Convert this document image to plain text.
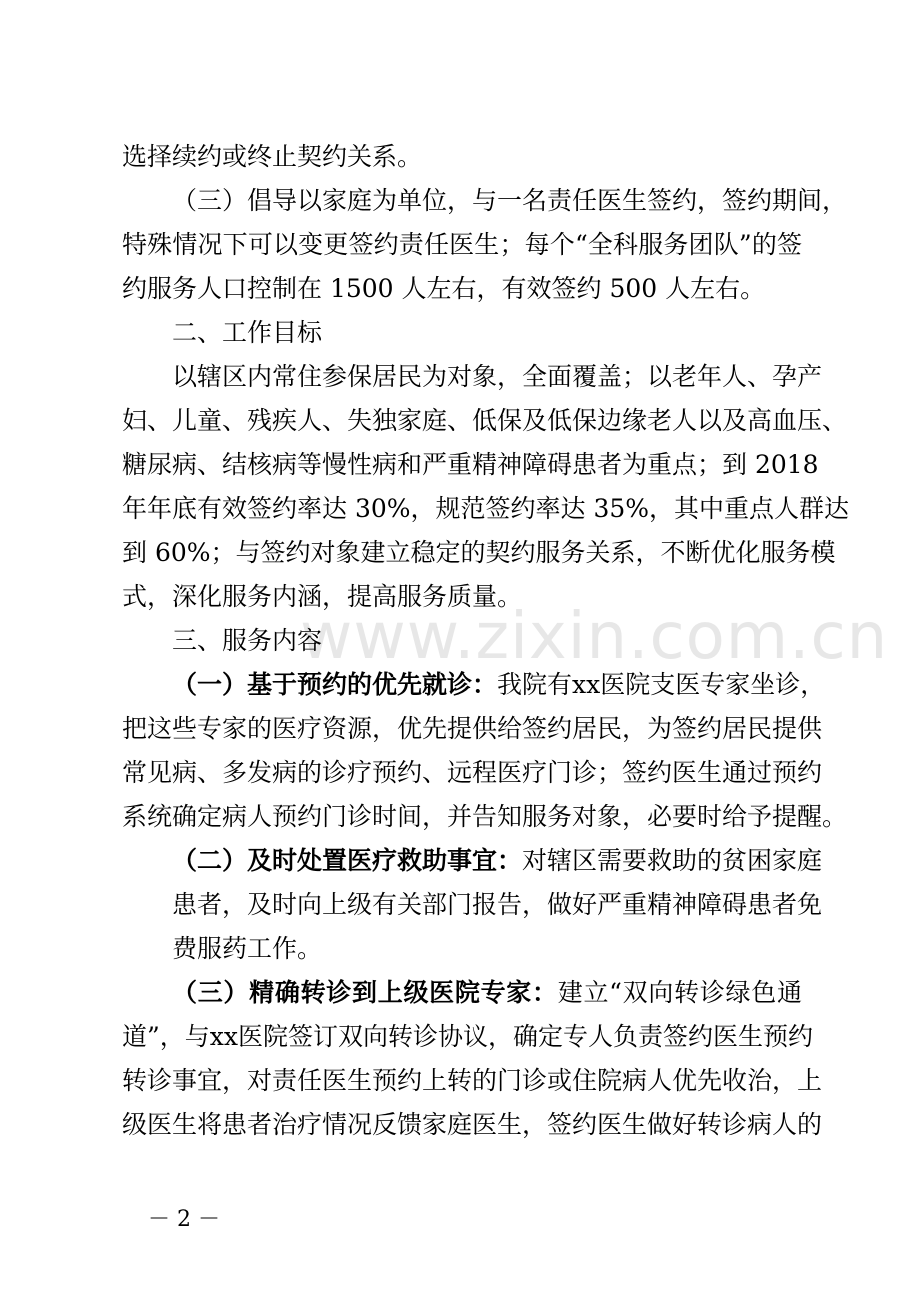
www.zixin.com.cn
选择续约或终止契约关系。
（三）倡导以家庭为单位，与一名责任医生签约，签约期间，
特殊情况下可以变更签约责任医生；每个“全科服务团队”的签
约服务人口控制在 1500 人左右，有效签约 500 人左右。
二、工作目标
以辖区内常住参保居民为对象，全面覆盖；以老年人、孕产
妇、儿童、残疾人、失独家庭、低保及低保边缘老人以及高血压、
糖尿病、结核病等慢性病和严重精神障碍患者为重点；到 2018
年年底有效签约率达 30%，规范签约率达 35%，其中重点人群达
到 60%；与签约对象建立稳定的契约服务关系，不断优化服务模
式，深化服务内涵，提高服务质量。
三、服务内容
（一）基于预约的优先就诊：我院有xx医院支医专家坐诊，
把这些专家的医疗资源，优先提供给签约居民，为签约居民提供
常见病、多发病的诊疗预约、远程医疗门诊；签约医生通过预约
系统确定病人预约门诊时间，并告知服务对象，必要时给予提醒。
（二）及时处置医疗救助事宜：对辖区需要救助的贫困家庭
患者，及时向上级有关部门报告，做好严重精神障碍患者免
费服药工作。
（三）精确转诊到上级医院专家：建立“双向转诊绿色通
道”，与xx医院签订双向转诊协议，确定专人负责签约医生预约
转诊事宜，对责任医生预约上转的门诊或住院病人优先收治，上
级医生将患者治疗情况反馈家庭医生，签约医生做好转诊病人的
－ 2 －
